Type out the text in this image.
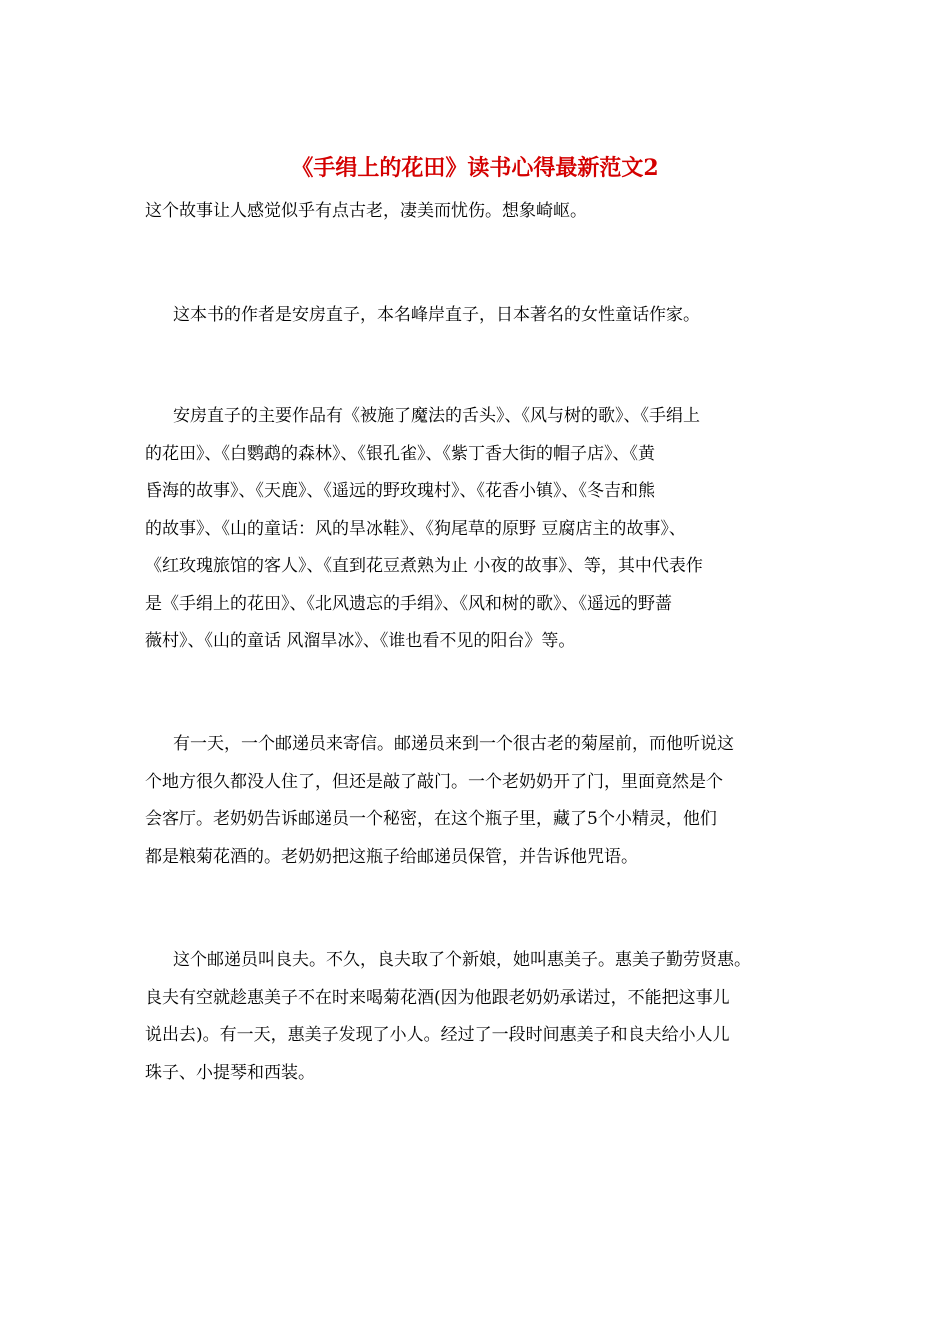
《手绢上的花田》读书心得最新范文2
这个故事让人感觉似乎有点古老，凄美而忧伤。想象崎岖。
这本书的作者是安房直子，本名峰岸直子，日本著名的女性童话作家。
安房直子的主要作品有《被施了魔法的舌头》、《风与树的歌》、《手绢上
的花田》、《白鹦鹉的森林》、《银孔雀》、《紫丁香大街的帽子店》、《黄
昏海的故事》、《天鹿》、《遥远的野玫瑰村》、《花香小镇》、《冬吉和熊
的故事》、《山的童话：风的旱冰鞋》、《狗尾草的原野 豆腐店主的故事》、
《红玫瑰旅馆的客人》、《直到花豆煮熟为止 小夜的故事》、等，其中代表作
是《手绢上的花田》、《北风遗忘的手绢》、《风和树的歌》、《遥远的野蔷
薇村》、《山的童话 风溜旱冰》、《谁也看不见的阳台》等。
有一天，一个邮递员来寄信。邮递员来到一个很古老的菊屋前，而他听说这
个地方很久都没人住了，但还是敲了敲门。一个老奶奶开了门，里面竟然是个
会客厅。老奶奶告诉邮递员一个秘密，在这个瓶子里，藏了5个小精灵，他们
都是粮菊花酒的。老奶奶把这瓶子给邮递员保管，并告诉他咒语。
这个邮递员叫良夫。不久，良夫取了个新娘，她叫惠美子。惠美子勤劳贤惠。
良夫有空就趁惠美子不在时来喝菊花酒(因为他跟老奶奶承诺过，不能把这事儿
说出去)。有一天，惠美子发现了小人。经过了一段时间惠美子和良夫给小人儿
珠子、小提琴和西装。
